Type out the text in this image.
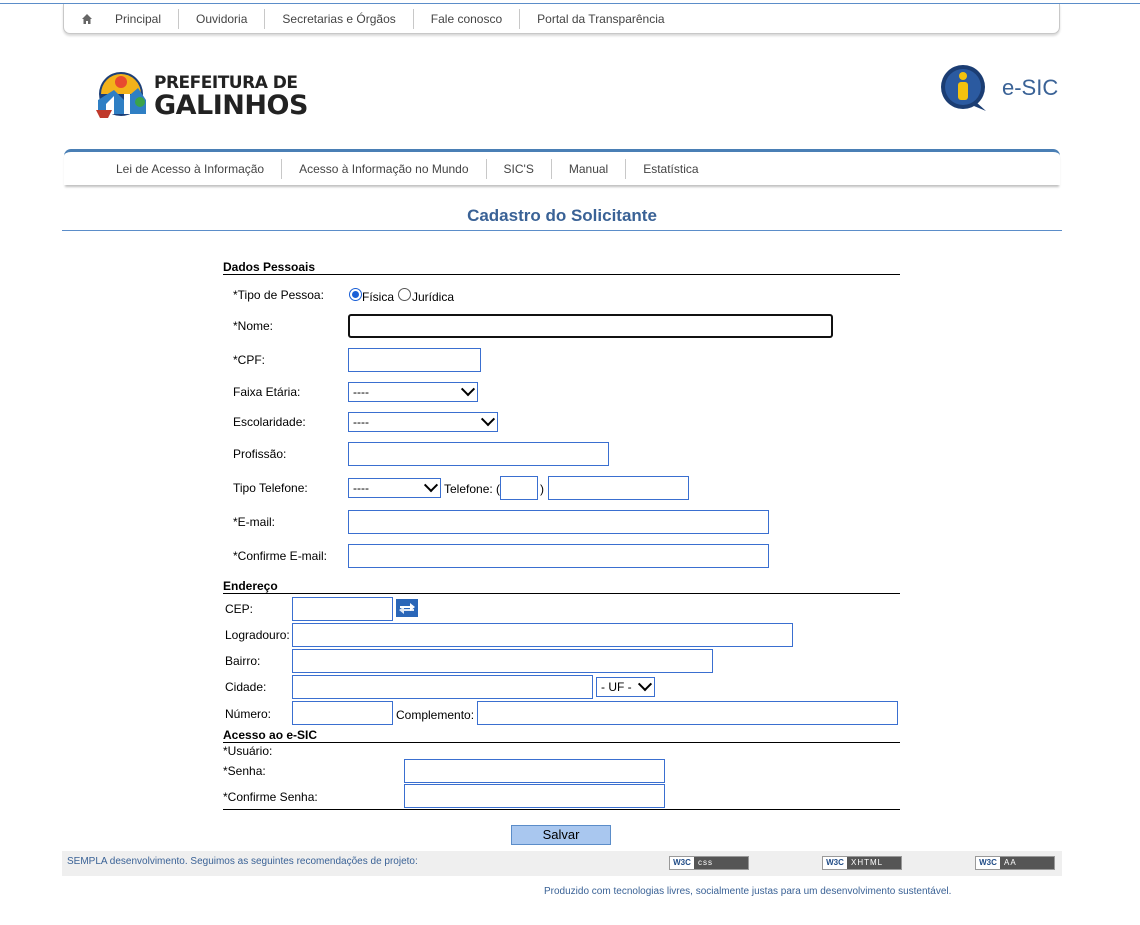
Principal	Ouvidoria	Secretarias e Órgãos	Fale conosco	Portal da Transparência
PREFEITURA DE
GALINHOS
e-SIC
Lei de Acesso à Informação	Acesso à Informação no Mundo	SIC'S	Manual	Estatística
Cadastro do Solicitante
Dados Pessoais
*Tipo de Pessoa:	Física Jurídica
*Nome:
*CPF:
Faixa Etária:	----
Escolaridade:	----
Profissão:
Tipo Telefone:	----	Telefone: (	)
*E-mail:
*Confirme E-mail:
Endereço
CEP:
Logradouro:
Bairro:
Cidade:	- UF -
Número:	Complemento:
Acesso ao e-SIC
*Usuário:
*Senha:
*Confirme Senha:
Salvar
SEMPLA desenvolvimento. Seguimos as seguintes recomendações de projeto:	W3C css	W3C XHTML	W3C AA
Produzido com tecnologias livres, socialmente justas para um desenvolvimento sustentável.
